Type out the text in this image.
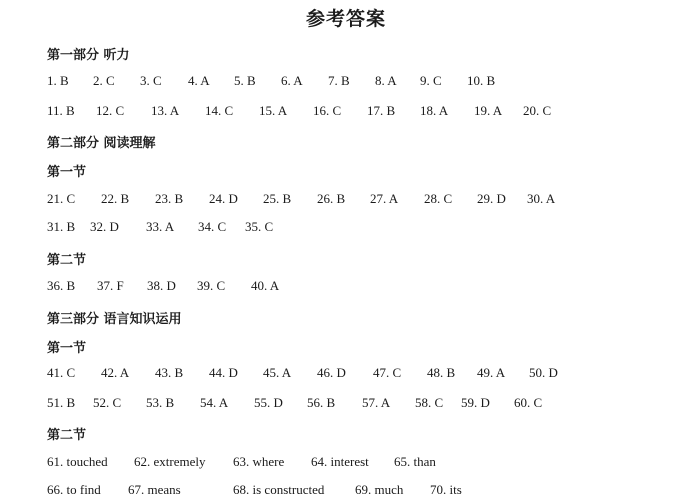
参考答案
第一部分 听力
1. B 2. C 3. C 4. A 5. B 6. A 7. B 8. A 9. C 10. B
11. B 12. C 13. A 14. C 15. A 16. C 17. B 18. A 19. A 20. C
第二部分 阅读理解
第一节
21. C 22. B 23. B 24. D 25. B 26. B 27. A 28. C 29. D 30. A
31. B 32. D 33. A 34. C 35. C
第二节
36. B 37. F 38. D 39. C 40. A
第三部分 语言知识运用
第一节
41. C 42. A 43. B 44. D 45. A 46. D 47. C 48. B 49. A 50. D
51. B 52. C 53. B 54. A 55. D 56. B 57. A 58. C 59. D 60. C
第二节
61. touched 62. extremely 63. where 64. interest 65. than
66. to find 67. means	68. is constructed 69. much 70. its
